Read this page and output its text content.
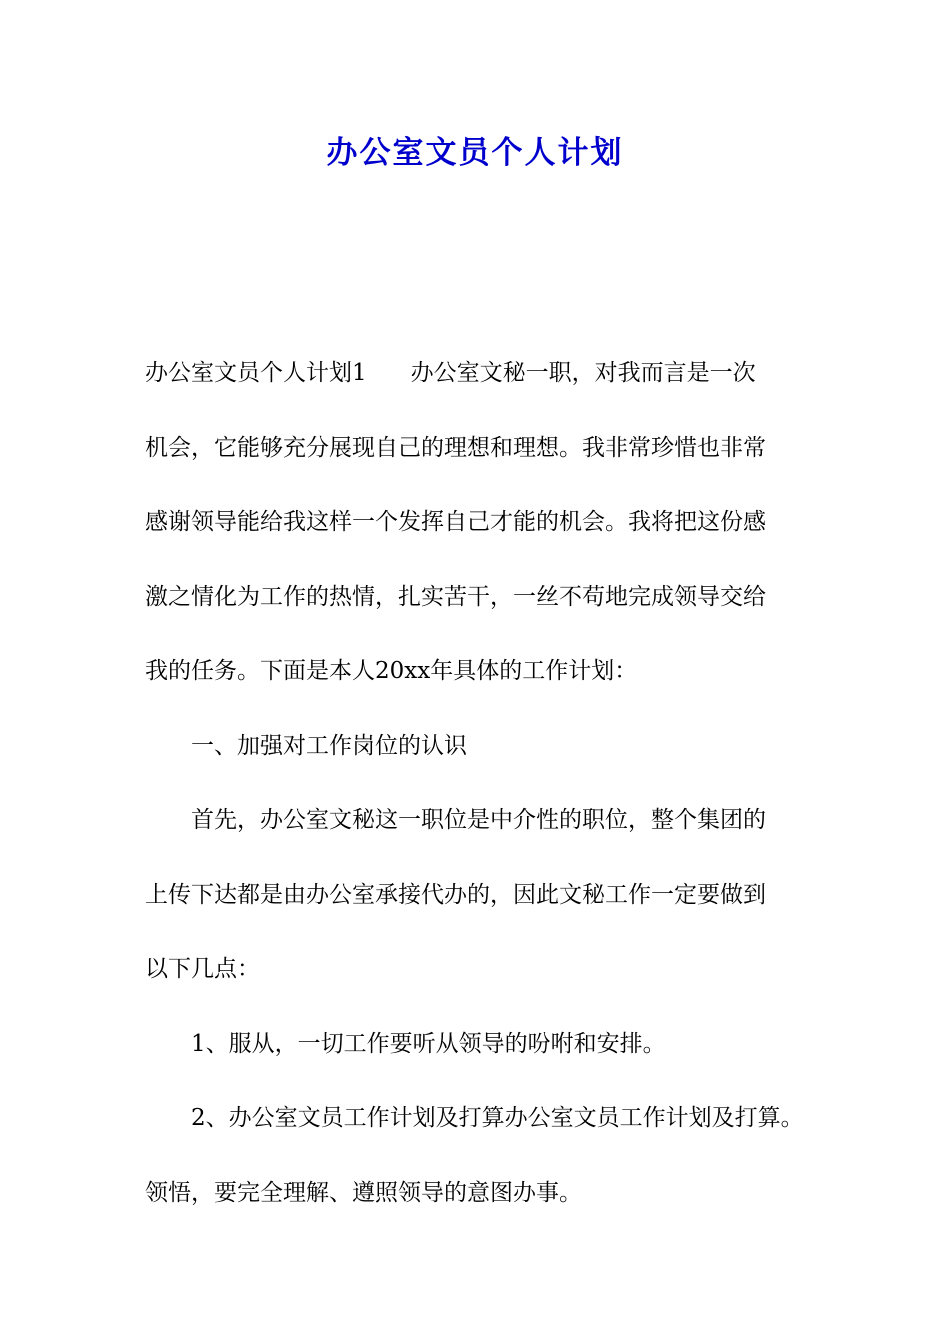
办公室文员个人计划
办公室文员个人计划1 办公室文秘一职，对我而言是一次
机会，它能够充分展现自己的理想和理想。我非常珍惜也非常
感谢领导能给我这样一个发挥自己才能的机会。我将把这份感
激之情化为工作的热情，扎实苦干，一丝不苟地完成领导交给
我的任务。下面是本人20xx年具体的工作计划：
一、加强对工作岗位的认识
首先，办公室文秘这一职位是中介性的职位，整个集团的
上传下达都是由办公室承接代办的，因此文秘工作一定要做到
以下几点：
1、服从，一切工作要听从领导的吩咐和安排。
2、办公室文员工作计划及打算办公室文员工作计划及打算。
领悟，要完全理解、遵照领导的意图办事。
